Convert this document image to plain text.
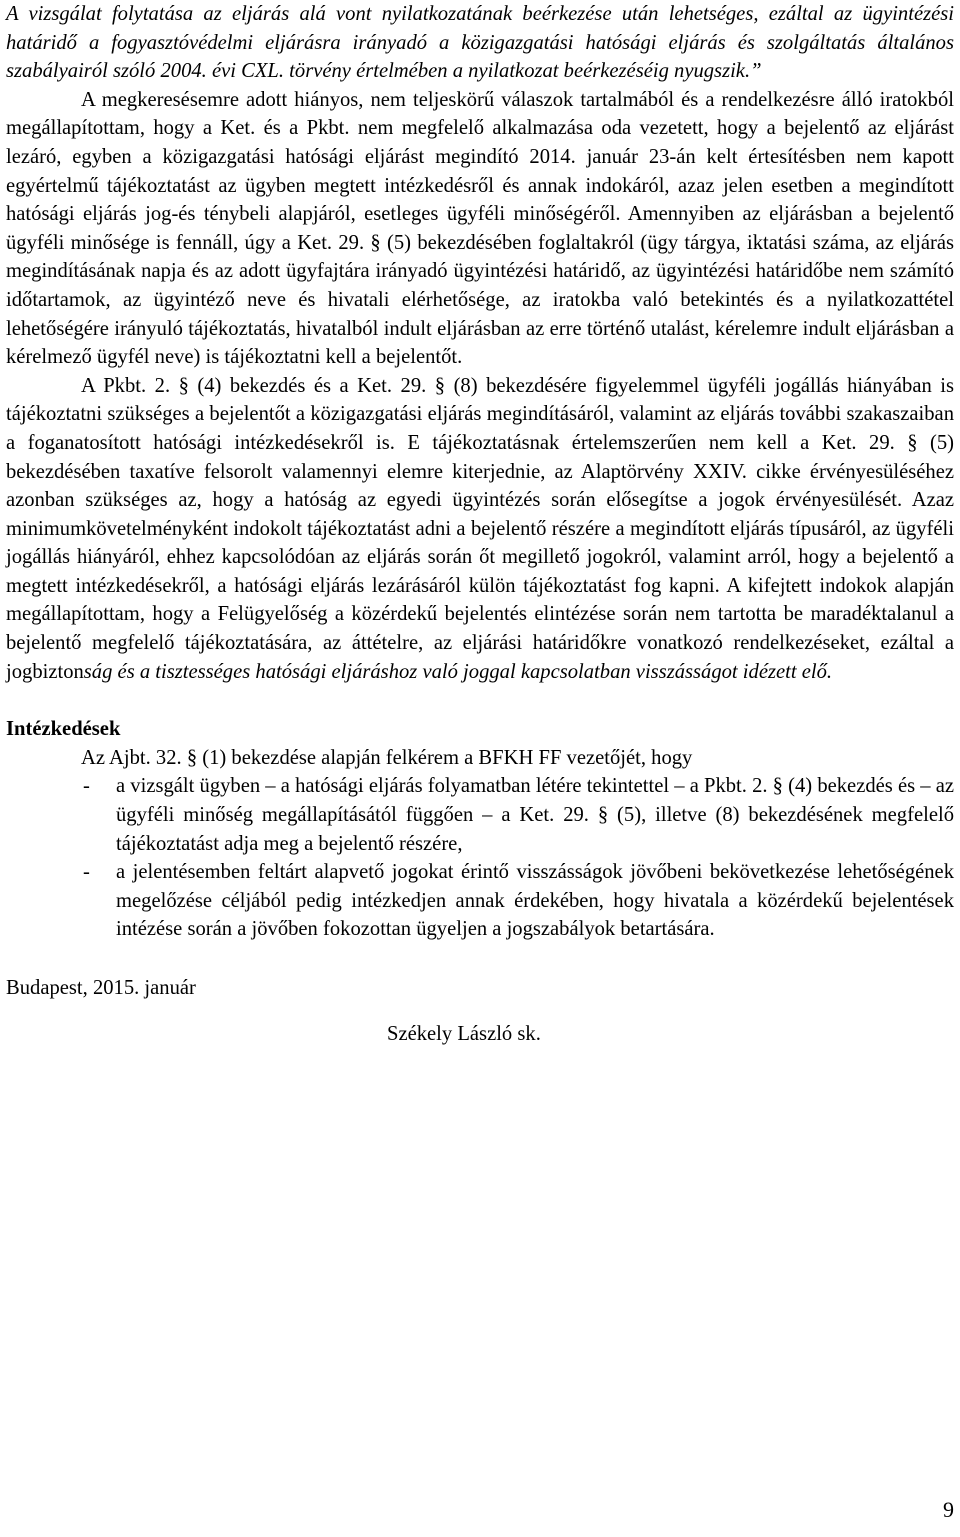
A vizsgálat folytatása az eljárás alá vont nyilatkozatának beérkezése után lehetséges, ezáltal az ügyintézési határidő a fogyasztóvédelmi eljárásra irányadó a közigazgatási hatósági eljárás és szolgáltatás általános szabályairól szóló 2004. évi CXL. törvény értelmében a nyilatkozat beérkezéséig nyugszik.”

A megkeresésemre adott hiányos, nem teljeskörű válaszok tartalmából és a rendelkezésre álló iratokból megállapítottam, hogy a Ket. és a Pkbt. nem megfelelő alkalmazása oda vezetett, hogy a bejelentő az eljárást lezáró, egyben a közigazgatási hatósági eljárást megindító 2014. január 23-án kelt értesítésben nem kapott egyértelmű tájékoztatást az ügyben megtett intézkedésről és annak indokáról, azaz jelen esetben a megindított hatósági eljárás jog-és ténybeli alapjáról, esetleges ügyféli minőségéről. Amennyiben az eljárásban a bejelentő ügyféli minősége is fennáll, úgy a Ket. 29. § (5) bekezdésében foglaltakról (ügy tárgya, iktatási száma, az eljárás megindításának napja és az adott ügyfajtára irányadó ügyintézési határidő, az ügyintézési határidőbe nem számító időtartamok, az ügyintéző neve és hivatali elérhetősége, az iratokba való betekintés és a nyilatkozattétel lehetőségére irányuló tájékoztatás, hivatalból indult eljárásban az erre történő utalást, kérelemre indult eljárásban a kérelmező ügyfél neve) is tájékoztatni kell a bejelentőt.

A Pkbt. 2. § (4) bekezdés és a Ket. 29. § (8) bekezdésére figyelemmel ügyféli jogállás hiányában is tájékoztatni szükséges a bejelentőt a közigazgatási eljárás megindításáról, valamint az eljárás további szakaszaiban a foganatosított hatósági intézkedésekről is. E tájékoztatásnak értelemszerűen nem kell a Ket. 29. § (5) bekezdésében taxatíve felsorolt valamennyi elemre kiterjednie, az Alaptörvény XXIV. cikke érvényesüléséhez azonban szükséges az, hogy a hatóság az egyedi ügyintézés során elősegítse a jogok érvényesülését. Azaz minimumkövetelményként indokolt tájékoztatást adni a bejelentő részére a megindított eljárás típusáról, az ügyféli jogállás hiányáról, ehhez kapcsolódóan az eljárás során őt megillető jogokról, valamint arról, hogy a bejelentő a megtett intézkedésekről, a hatósági eljárás lezárásáról külön tájékoztatást fog kapni. A kifejtett indokok alapján megállapítottam, hogy a Felügyelőség a közérdekű bejelentés elintézése során nem tartotta be maradéktalanul a bejelentő megfelelő tájékoztatására, az áttételre, az eljárási határidőkre vonatkozó rendelkezéseket, ezáltal a jogbiztonság és a tisztességes hatósági eljáráshoz való joggal kapcsolatban visszásságot idézett elő.

Intézkedések

Az Ajbt. 32. § (1) bekezdése alapján felkérem a BFKH FF vezetőjét, hogy

- a vizsgált ügyben – a hatósági eljárás folyamatban létére tekintettel – a Pkbt. 2. § (4) bekezdés és – az ügyféli minőség megállapításától függően – a Ket. 29. § (5), illetve (8) bekezdésének megfelelő tájékoztatást adja meg a bejelentő részére,
- a jelentésemben feltárt alapvető jogokat érintő visszásságok jövőbeni bekövetkezése lehetőségének megelőzése céljából pedig intézkedjen annak érdekében, hogy hivatala a közérdekű bejelentések intézése során a jövőben fokozottan ügyeljen a jogszabályok betartására.

Budapest, 2015. január

Székely László sk.

9
